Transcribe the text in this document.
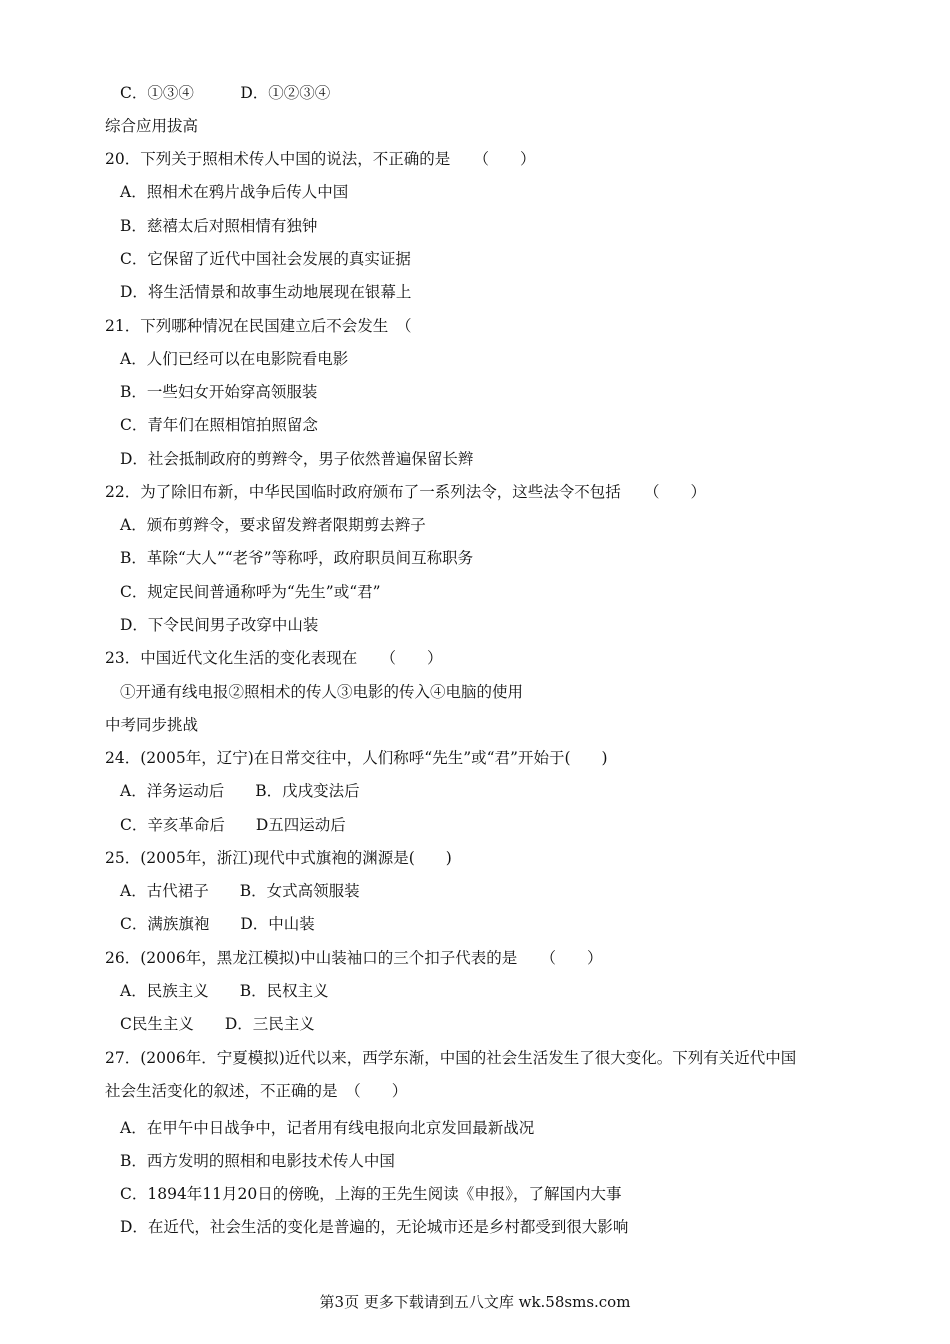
C．①③④　　　D．①②③④
综合应用拔高
20．下列关于照相术传人中国的说法，不正确的是　　（　　）
A．照相术在鸦片战争后传人中国
B．慈禧太后对照相情有独钟
C．它保留了近代中国社会发展的真实证据
D．将生活情景和故事生动地展现在银幕上
21．下列哪种情况在民国建立后不会发生　（
A．人们已经可以在电影院看电影
B．一些妇女开始穿高领服装
C．青年们在照相馆拍照留念
D．社会抵制政府的剪辫令，男子依然普遍保留长辫
22．为了除旧布新，中华民国临时政府颁布了一系列法令，这些法令不包括　　（　　）
A．颁布剪辫令，要求留发辫者限期剪去辫子
B．革除“大人”“老爷”等称呼，政府职员间互称职务
C．规定民间普通称呼为“先生”或“君”
D．下令民间男子改穿中山装
23．中国近代文化生活的变化表现在　　（　　）
①开通有线电报②照相术的传人③电影的传入④电脑的使用
中考同步挑战
24．(2005年，辽宁)在日常交往中，人们称呼“先生”或“君”开始于(　　)
A．洋务运动后　　B．戊戌变法后
C．辛亥革命后　　D五四运动后
25．(2005年，浙江)现代中式旗袍的渊源是(　　)
A．古代裙子　　B．女式高领服装
C．满族旗袍　　D．中山装
26．(2006年，黑龙江模拟)中山装袖口的三个扣子代表的是　　（　　）
A．民族主义　　B．民权主义
C民生主义　　D．三民主义
27．(2006年．宁夏模拟)近代以来，西学东渐，中国的社会生活发生了很大变化。下列有关近代中国
社会生活变化的叙述，不正确的是　（　　）
A．在甲午中日战争中，记者用有线电报向北京发回最新战况
B．西方发明的照相和电影技术传人中国
C．1894年11月20日的傍晚，上海的王先生阅读《申报》，了解国内大事
D．在近代，社会生活的变化是普遍的，无论城市还是乡村都受到很大影响
第3页 更多下载请到五八文库 wk.58sms.com
